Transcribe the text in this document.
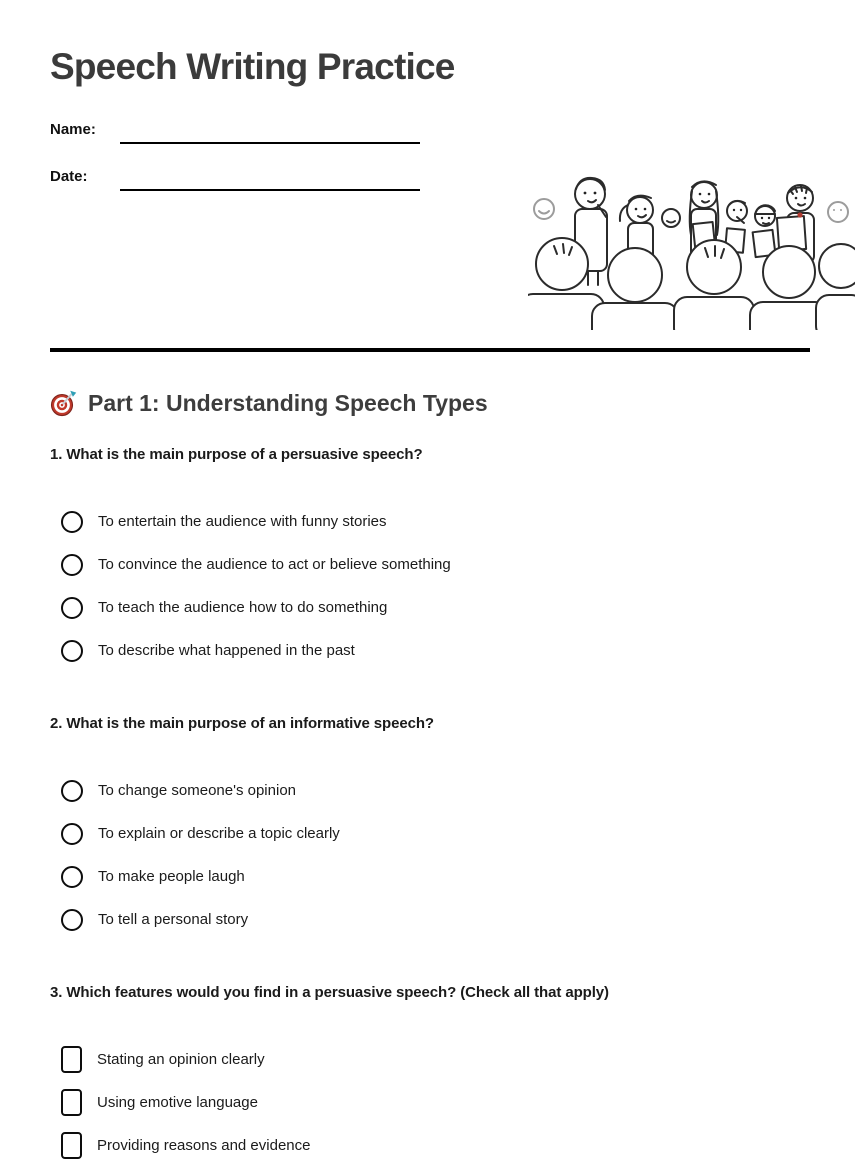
Speech Writing Practice
Name:
Date:
Part 1: Understanding Speech Types

1. What is the main purpose of a persuasive speech?

To entertain the audience with funny stories
To convince the audience to act or believe something
To teach the audience how to do something
To describe what happened in the past

2. What is the main purpose of an informative speech?

To change someone's opinion
To explain or describe a topic clearly
To make people laugh
To tell a personal story

3. Which features would you find in a persuasive speech? (Check all that apply)

Stating an opinion clearly
Using emotive language
Providing reasons and evidence
